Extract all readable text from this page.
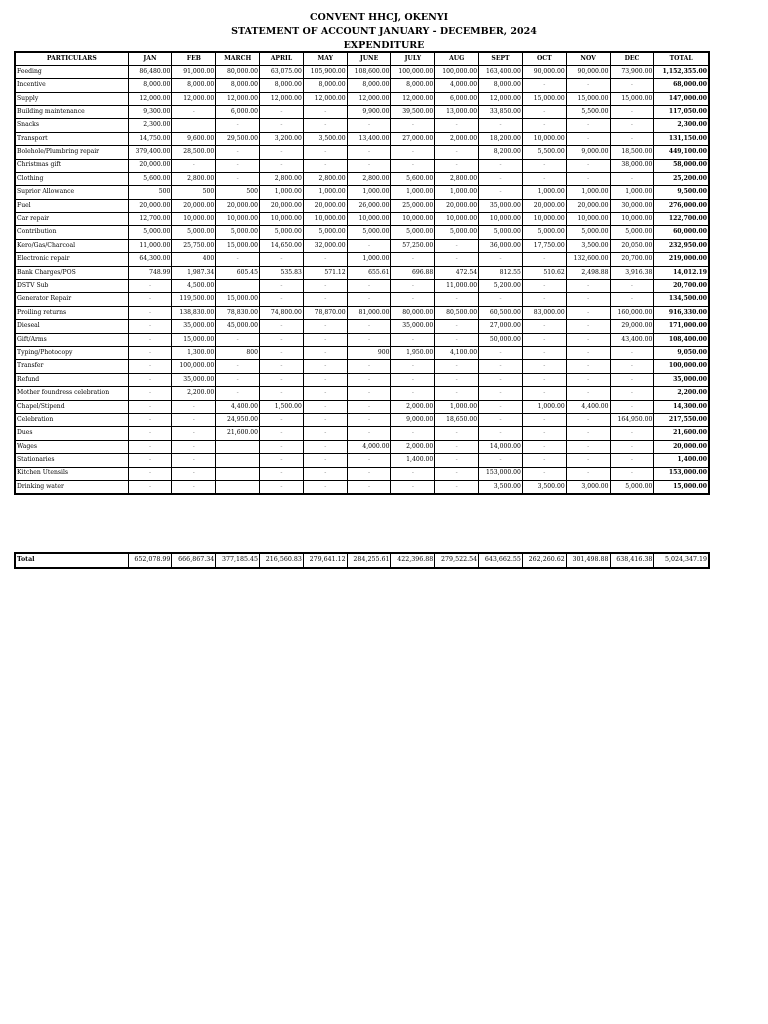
CONVENT HHCJ, OKENYI
STATEMENT OF ACCOUNT JANUARY - DECEMBER, 2024
EXPENDITURE
PARTICULARS	JAN	FEB	MARCH	APRIL	MAY	JUNE	JULY	AUG	SEPT	OCT	NOV	DEC	TOTAL
Feeding	86,480.00	91,000.00	80,000.00	63,075.00	105,900.00	108,600.00	100,000.00	100,000.00	163,400.00	90,000.00	90,000.00	73,900.00	1,152,355.00
Incentive	8,000.00	8,000.00	8,000.00	8,000.00	8,000.00	8,000.00	8,000.00	4,000.00	8,000.00	-	-	-	68,000.00
Supply	12,000.00	12,000.00	12,000.00	12,000.00	12,000.00	12,000.00	12,000.00	6,000.00	12,000.00	15,000.00	15,000.00	15,000.00	147,000.00
Building maintenance	9,300.00	-	6,000.00	-	-	9,900.00	39,500.00	13,000.00	33,850.00	-	5,500.00	-	117,050.00
Snacks	2,300.00		-	-	-	-	-	-	-	-	-	-	2,300.00
Transport	14,750.00	9,600.00	29,500.00	3,200.00	3,500.00	13,400.00	27,000.00	2,000.00	18,200.00	10,000.00	-	-	131,150.00
Bolehole/Plumbring repair	379,400.00	28,500.00	-	-	-	-	-	-	8,200.00	5,500.00	9,000.00	18,500.00	449,100.00
Christmas gift	20,000.00	-	-	-	-	-	-	-	-	-	-	38,000.00	58,000.00
Clothing	5,600.00	2,800.00	-	2,800.00	2,800.00	2,800.00	5,600.00	2,800.00	-	-	-	-	25,200.00
Suprior Allowance	500	500	500	1,000.00	1,000.00	1,000.00	1,000.00	1,000.00	-	1,000.00	1,000.00	1,000.00	9,500.00
Fuel	20,000.00	20,000.00	20,000.00	20,000.00	20,000.00	26,000.00	25,000.00	20,000.00	35,000.00	20,000.00	20,000.00	30,000.00	276,000.00
Car repair	12,700.00	10,000.00	10,000.00	10,000.00	10,000.00	10,000.00	10,000.00	10,000.00	10,000.00	10,000.00	10,000.00	10,000.00	122,700.00
Contribution	5,000.00	5,000.00	5,000.00	5,000.00	5,000.00	5,000.00	5,000.00	5,000.00	5,000.00	5,000.00	5,000.00	5,000.00	60,000.00
Kero/Gas/Charcoal	11,000.00	25,750.00	15,000.00	14,650.00	32,000.00	-	57,250.00	-	36,000.00	17,750.00	3,500.00	20,050.00	232,950.00
Electronic repair	64,300.00	400	-	-	-	1,000.00	-	-	-	-	132,600.00	20,700.00	219,000.00
Bank Charges/POS	748.99	1,987.34	605.45	535.83	571.12	655.61	696.88	472.54	812.55	510.62	2,498.88	3,916.38	14,012.19
DSTV Sub	-	4,500.00		-	-	-	-	11,000.00	5,200.00	-	-	-	20,700.00
Generator Repair	-	119,500.00	15,000.00	-	-	-	-	-	-	-	-	-	134,500.00
Proiling returns	-	138,830.00	78,830.00	74,800.00	78,870.00	81,000.00	80,000.00	80,500.00	60,500.00	83,000.00	-	160,000.00	916,330.00
Dieseal	-	35,000.00	45,000.00	-	-	-	35,000.00	-	27,000.00	-	-	29,000.00	171,000.00
Gift/Arms	-	15,000.00	-	-	-	-	-	-	50,000.00	-	-	43,400.00	108,400.00
Typing/Photocopy	-	1,300.00	800	-	-	900	1,950.00	4,100.00	-	-	-	-	9,050.00
Transfer	-	100,000.00	-	-	-	-	-	-	-	-	-	-	100,000.00
Refund	-	35,000.00	-	-	-	-	-	-	-	-	-	-	35,000.00
Mother foundress celebration	-	2,200.00	-	-	-	-	-	-	-	-	-	-	2,200.00
Chapel/Stipend	-	-	4,400.00	1,500.00	-	-	2,000.00	1,000.00	-	1,000.00	4,400.00	-	14,300.00
Celebration	-	-	24,950.00	-	-	-	9,000.00	18,650.00	-	-	-	164,950.00	217,550.00
Dues	-	-	21,600.00	-	-	-	-	-	-	-	-	-	21,600.00
Wages	-	-		-	-	4,000.00	2,000.00	-	14,000.00	-	-	-	20,000.00
Stationaries	-	-		-	-	-	1,400.00	-	-	-	-	-	1,400.00
Kitchen Utensils	-	-		-	-	-	-	-	153,000.00	-	-	-	153,000.00
Drinking water	-	-		-	-	-	-	-	3,500.00	3,500.00	3,000.00	5,000.00	15,000.00
Total	652,078.99	666,867.34	377,185.45	216,560.83	279,641.12	284,255.61	422,396.88	279,522.54	643,662.55	262,260.62	301,498.88	638,416.38	5,024,347.19
